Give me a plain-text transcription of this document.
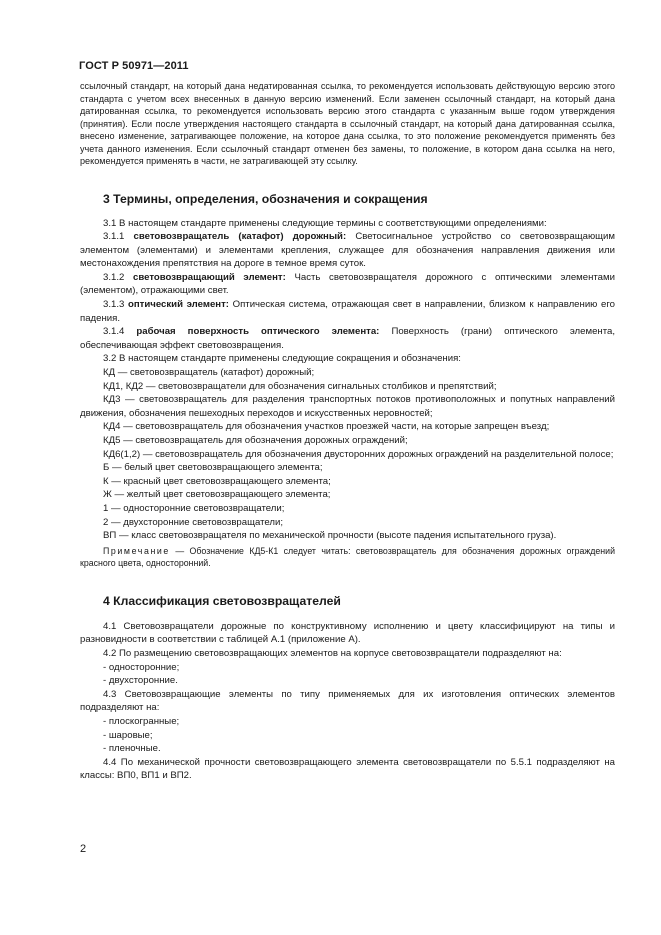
ГОСТ Р 50971—2011

ссылочный стандарт, на который дана недатированная ссылка, то рекомендуется использовать действующую версию этого стандарта с учетом всех внесенных в данную версию изменений. Если заменен ссылочный стандарт, на который дана датированная ссылка, то рекомендуется использовать версию этого стандарта с указанным выше годом утверждения (принятия). Если после утверждения настоящего стандарта в ссылочный стандарт, на который дана датированная ссылка, внесено изменение, затрагивающее положение, на которое дана ссылка, то это положение рекомендуется применять без учета данного изменения. Если ссылочный стандарт отменен без замены, то положение, в котором дана ссылка на него, рекомендуется применять в части, не затрагивающей эту ссылку.

3 Термины, определения, обозначения и сокращения

3.1 В настоящем стандарте применены следующие термины с соответствующими определениями:

3.1.1 световозвращатель (катафот) дорожный: Светосигнальное устройство со световозвращающим элементом (элементами) и элементами крепления, служащее для обозначения направления движения или местонахождения препятствия на дороге в темное время суток.

3.1.2 световозвращающий элемент: Часть световозвращателя дорожного с оптическими элементами (элементом), отражающими свет.

3.1.3 оптический элемент: Оптическая система, отражающая свет в направлении, близком к направлению его падения.

3.1.4 рабочая поверхность оптического элемента: Поверхность (грани) оптического элемента, обеспечивающая эффект световозвращения.

3.2 В настоящем стандарте применены следующие сокращения и обозначения:

КД — световозвращатель (катафот) дорожный;

КД1, КД2 — световозвращатели для обозначения сигнальных столбиков и препятствий;

КД3 — световозвращатель для разделения транспортных потоков противоположных и попутных направлений движения, обозначения пешеходных переходов и искусственных неровностей;

КД4 — световозвращатель для обозначения участков проезжей части, на которые запрещен въезд;

КД5 — световозвращатель для обозначения дорожных ограждений;

КД6(1,2) — световозвращатель для обозначения двусторонних дорожных ограждений на разделительной полосе;

Б — белый цвет световозвращающего элемента;

К — красный цвет световозвращающего элемента;

Ж — желтый цвет световозвращающего элемента;

1 — односторонние световозвращатели;

2 — двухсторонние световозвращатели;

ВП — класс световозвращателя по механической прочности (высоте падения испытательного груза).

Примечание — Обозначение КД5-К1 следует читать: световозвращатель для обозначения дорожных ограждений красного цвета, односторонний.

4 Классификация световозвращателей

4.1 Световозвращатели дорожные по конструктивному исполнению и цвету классифицируют на типы и разновидности в соответствии с таблицей А.1 (приложение А).

4.2 По размещению световозвращающих элементов на корпусе световозвращатели подразделяют на:

- односторонние;

- двухсторонние.

4.3 Световозвращающие элементы по типу применяемых для их изготовления оптических элементов подразделяют на:

- плоскогранные;

- шаровые;

- пленочные.

4.4 По механической прочности световозвращающего элемента световозвращатели по 5.5.1 подразделяют на классы: ВП0, ВП1 и ВП2.

2
